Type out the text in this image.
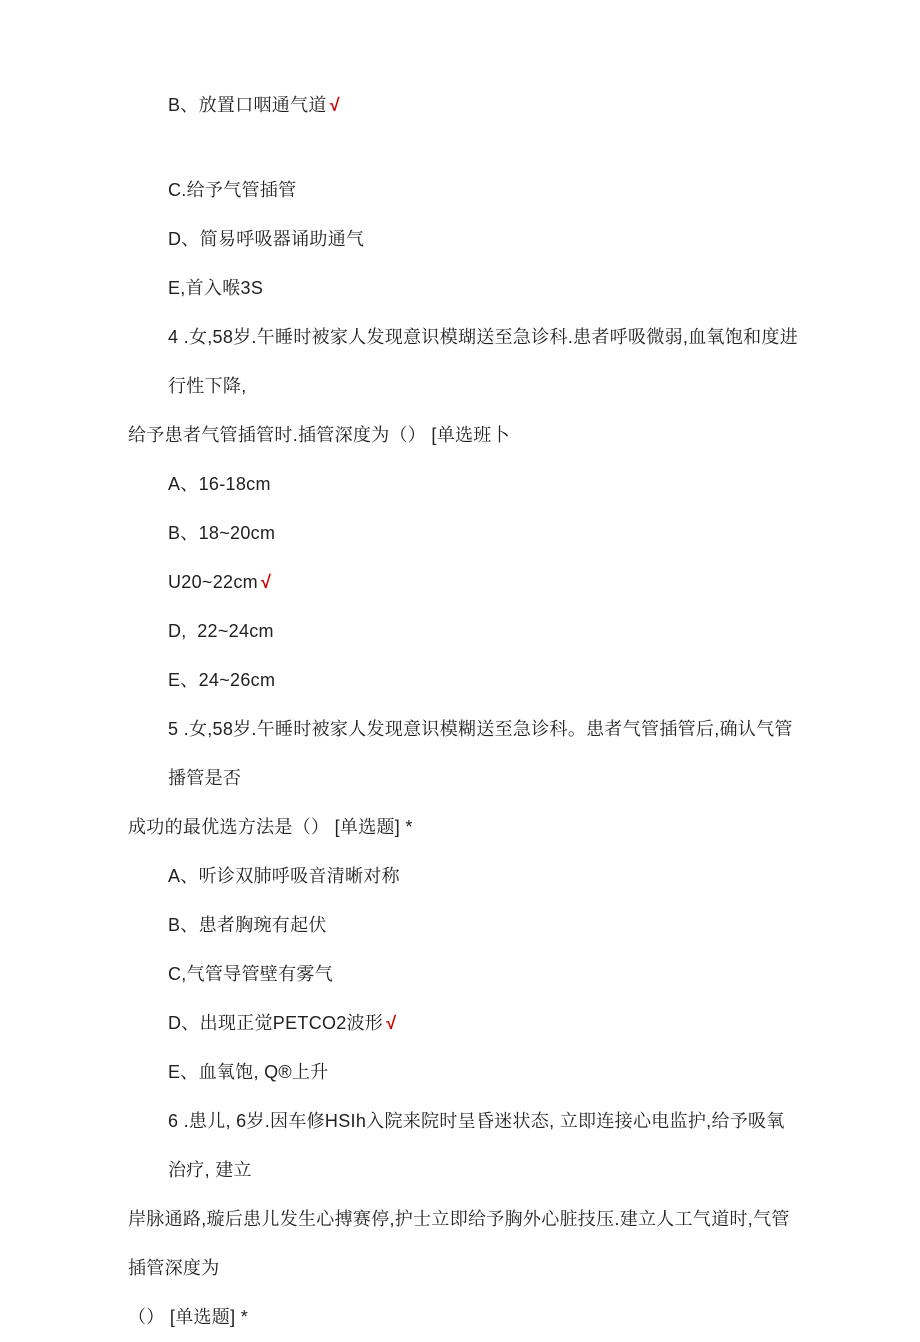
B、放置口咽通气道 √
C.给予气管插管
D、简易呼吸器诵助通气
E,首入喉3S
4 .女,58岁.午睡时被家人发现意识模瑚送至急诊科.患者呼吸微弱,血氧饱和度进行性下降,
给予患者气管插管时.插管深度为（） [单选班卜
A、16-18cm
B、18~20cm
U20~22cm √
D,  22~24cm
E、24~26cm
5 .女,58岁.午睡时被家人发现意识模糊送至急诊科。患者气管插管后,确认气管播管是否
成功的最优选方法是（） [单选题] *
A、听诊双肺呼吸音清晰对称
B、患者胸琬有起伏
C,气管导管壁有雾气
D、出现正觉PETCO2波形 √
E、血氧饱, Q®上升
6 .患儿, 6岁.因车修HSIh入院来院时呈昏迷状态, 立即连接心电监护,给予吸氧治疗, 建立
岸脉通路,璇后患儿发生心搏赛停,护士立即给予胸外心脏技压.建立人工气道时,气管插管深度为
（） [单选题] *
